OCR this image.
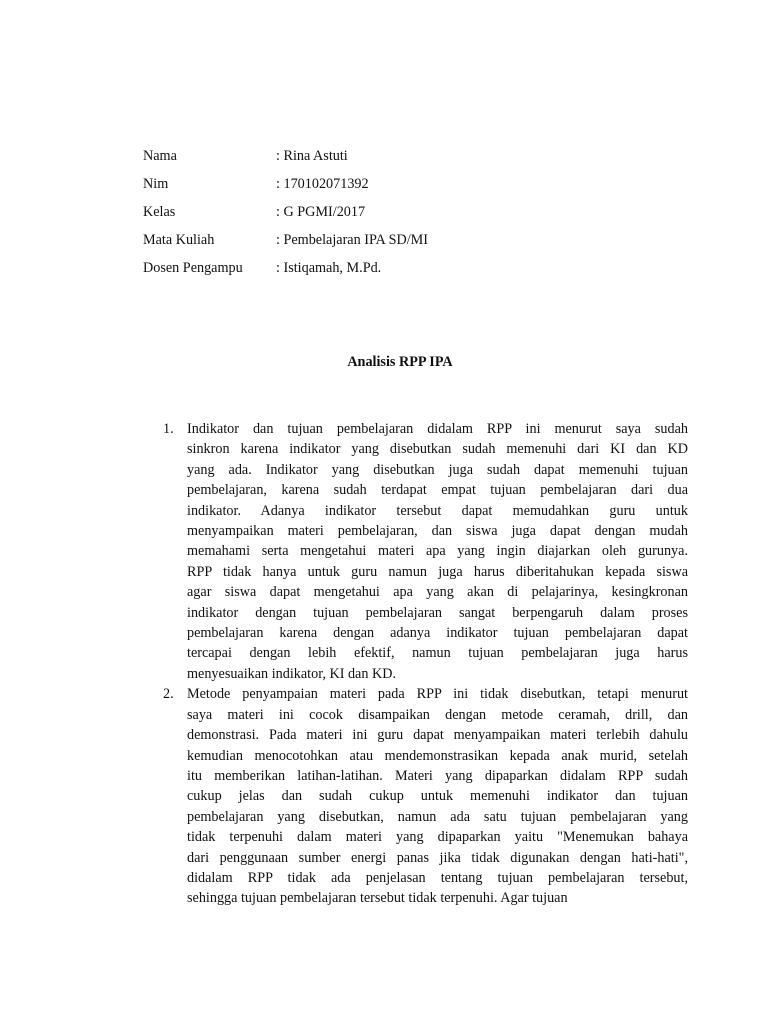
Nama	: Rina Astuti
Nim	: 170102071392
Kelas	: G PGMI/2017
Mata Kuliah	: Pembelajaran IPA SD/MI
Dosen Pengampu	: Istiqamah, M.Pd.
Analisis RPP IPA
1. Indikator dan tujuan pembelajaran didalam RPP ini menurut saya sudah
sinkron karena indikator yang disebutkan sudah memenuhi dari KI dan KD
yang ada. Indikator yang disebutkan juga sudah dapat memenuhi tujuan
pembelajaran, karena sudah terdapat empat tujuan pembelajaran dari dua
indikator. Adanya indikator tersebut dapat memudahkan guru untuk
menyampaikan materi pembelajaran, dan siswa juga dapat dengan mudah
memahami serta mengetahui materi apa yang ingin diajarkan oleh gurunya.
RPP tidak hanya untuk guru namun juga harus diberitahukan kepada siswa
agar siswa dapat mengetahui apa yang akan di pelajarinya, kesingkronan
indikator dengan tujuan pembelajaran sangat berpengaruh dalam proses
pembelajaran karena dengan adanya indikator tujuan pembelajaran dapat
tercapai dengan lebih efektif, namun tujuan pembelajaran juga harus
menyesuaikan indikator, KI dan KD.

2. Metode penyampaian materi pada RPP ini tidak disebutkan, tetapi menurut
saya materi ini cocok disampaikan dengan metode ceramah, drill, dan
demonstrasi. Pada materi ini guru dapat menyampaikan materi terlebih dahulu
kemudian menocotohkan atau mendemonstrasikan kepada anak murid, setelah
itu memberikan latihan-latihan. Materi yang dipaparkan didalam RPP sudah
cukup jelas dan sudah cukup untuk memenuhi indikator dan tujuan
pembelajaran yang disebutkan, namun ada satu tujuan pembelajaran yang
tidak terpenuhi dalam materi yang dipaparkan yaitu "Menemukan bahaya
dari penggunaan sumber energi panas jika tidak digunakan dengan hati-hati",
didalam RPP tidak ada penjelasan tentang tujuan pembelajaran tersebut,
sehingga tujuan pembelajaran tersebut tidak terpenuhi. Agar tujuan
